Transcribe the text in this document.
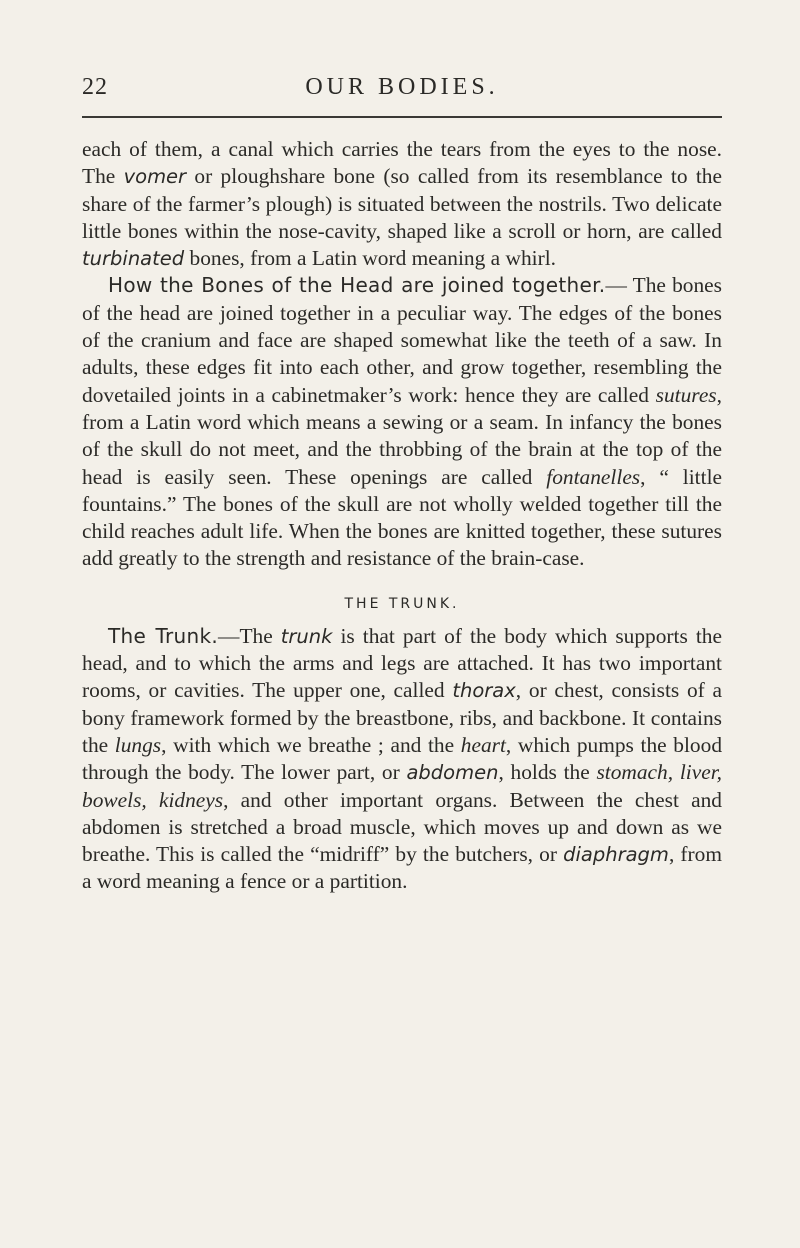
22	OUR BODIES.

each of them, a canal which carries the tears from the eyes to the nose. The vomer or ploughshare bone (so called from its resemblance to the share of the farmer’s plough) is situated between the nostrils. Two delicate little bones within the nose-cavity, shaped like a scroll or horn, are called turbinated bones, from a Latin word meaning a whirl.

How the Bones of the Head are joined together.— The bones of the head are joined together in a peculiar way. The edges of the bones of the cranium and face are shaped somewhat like the teeth of a saw. In adults, these edges fit into each other, and grow together, resembling the dovetailed joints in a cabinetmaker’s work: hence they are called sutures, from a Latin word which means a sewing or a seam. In infancy the bones of the skull do not meet, and the throbbing of the brain at the top of the head is easily seen. These openings are called fontanelles, “ little fountains.” The bones of the skull are not wholly welded together till the child reaches adult life. When the bones are knitted together, these sutures add greatly to the strength and resistance of the brain-case.

THE TRUNK.

The Trunk.—The trunk is that part of the body which supports the head, and to which the arms and legs are attached. It has two important rooms, or cavities. The upper one, called thorax, or chest, consists of a bony framework formed by the breastbone, ribs, and backbone. It contains the lungs, with which we breathe ; and the heart, which pumps the blood through the body. The lower part, or abdomen, holds the stomach, liver, bowels, kidneys, and other important organs. Between the chest and abdomen is stretched a broad muscle, which moves up and down as we breathe. This is called the “midriff” by the butchers, or diaphragm, from a word meaning a fence or a partition.
